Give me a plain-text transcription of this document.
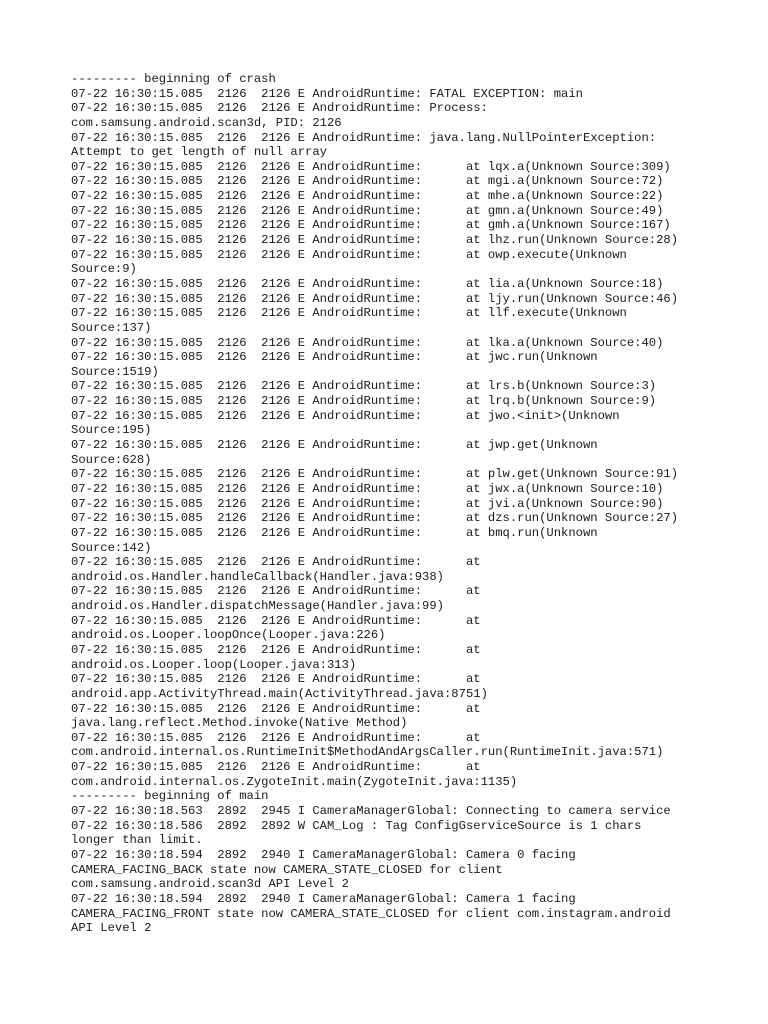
--------- beginning of crash
07-22 16:30:15.085  2126  2126 E AndroidRuntime: FATAL EXCEPTION: main
07-22 16:30:15.085  2126  2126 E AndroidRuntime: Process:
com.samsung.android.scan3d, PID: 2126
07-22 16:30:15.085  2126  2126 E AndroidRuntime: java.lang.NullPointerException:
Attempt to get length of null array
07-22 16:30:15.085  2126  2126 E AndroidRuntime:      at lqx.a(Unknown Source:309)
07-22 16:30:15.085  2126  2126 E AndroidRuntime:      at mgi.a(Unknown Source:72)
07-22 16:30:15.085  2126  2126 E AndroidRuntime:      at mhe.a(Unknown Source:22)
07-22 16:30:15.085  2126  2126 E AndroidRuntime:      at gmn.a(Unknown Source:49)
07-22 16:30:15.085  2126  2126 E AndroidRuntime:      at gmh.a(Unknown Source:167)
07-22 16:30:15.085  2126  2126 E AndroidRuntime:      at lhz.run(Unknown Source:28)
07-22 16:30:15.085  2126  2126 E AndroidRuntime:      at owp.execute(Unknown
Source:9)
07-22 16:30:15.085  2126  2126 E AndroidRuntime:      at lia.a(Unknown Source:18)
07-22 16:30:15.085  2126  2126 E AndroidRuntime:      at ljy.run(Unknown Source:46)
07-22 16:30:15.085  2126  2126 E AndroidRuntime:      at llf.execute(Unknown
Source:137)
07-22 16:30:15.085  2126  2126 E AndroidRuntime:      at lka.a(Unknown Source:40)
07-22 16:30:15.085  2126  2126 E AndroidRuntime:      at jwc.run(Unknown
Source:1519)
07-22 16:30:15.085  2126  2126 E AndroidRuntime:      at lrs.b(Unknown Source:3)
07-22 16:30:15.085  2126  2126 E AndroidRuntime:      at lrq.b(Unknown Source:9)
07-22 16:30:15.085  2126  2126 E AndroidRuntime:      at jwo.<init>(Unknown
Source:195)
07-22 16:30:15.085  2126  2126 E AndroidRuntime:      at jwp.get(Unknown
Source:628)
07-22 16:30:15.085  2126  2126 E AndroidRuntime:      at plw.get(Unknown Source:91)
07-22 16:30:15.085  2126  2126 E AndroidRuntime:      at jwx.a(Unknown Source:10)
07-22 16:30:15.085  2126  2126 E AndroidRuntime:      at jvi.a(Unknown Source:90)
07-22 16:30:15.085  2126  2126 E AndroidRuntime:      at dzs.run(Unknown Source:27)
07-22 16:30:15.085  2126  2126 E AndroidRuntime:      at bmq.run(Unknown
Source:142)
07-22 16:30:15.085  2126  2126 E AndroidRuntime:      at
android.os.Handler.handleCallback(Handler.java:938)
07-22 16:30:15.085  2126  2126 E AndroidRuntime:      at
android.os.Handler.dispatchMessage(Handler.java:99)
07-22 16:30:15.085  2126  2126 E AndroidRuntime:      at
android.os.Looper.loopOnce(Looper.java:226)
07-22 16:30:15.085  2126  2126 E AndroidRuntime:      at
android.os.Looper.loop(Looper.java:313)
07-22 16:30:15.085  2126  2126 E AndroidRuntime:      at
android.app.ActivityThread.main(ActivityThread.java:8751)
07-22 16:30:15.085  2126  2126 E AndroidRuntime:      at
java.lang.reflect.Method.invoke(Native Method)
07-22 16:30:15.085  2126  2126 E AndroidRuntime:      at
com.android.internal.os.RuntimeInit$MethodAndArgsCaller.run(RuntimeInit.java:571)
07-22 16:30:15.085  2126  2126 E AndroidRuntime:      at
com.android.internal.os.ZygoteInit.main(ZygoteInit.java:1135)
--------- beginning of main
07-22 16:30:18.563  2892  2945 I CameraManagerGlobal: Connecting to camera service
07-22 16:30:18.586  2892  2892 W CAM_Log : Tag ConfigGserviceSource is 1 chars
longer than limit.
07-22 16:30:18.594  2892  2940 I CameraManagerGlobal: Camera 0 facing
CAMERA_FACING_BACK state now CAMERA_STATE_CLOSED for client
com.samsung.android.scan3d API Level 2
07-22 16:30:18.594  2892  2940 I CameraManagerGlobal: Camera 1 facing
CAMERA_FACING_FRONT state now CAMERA_STATE_CLOSED for client com.instagram.android
API Level 2
